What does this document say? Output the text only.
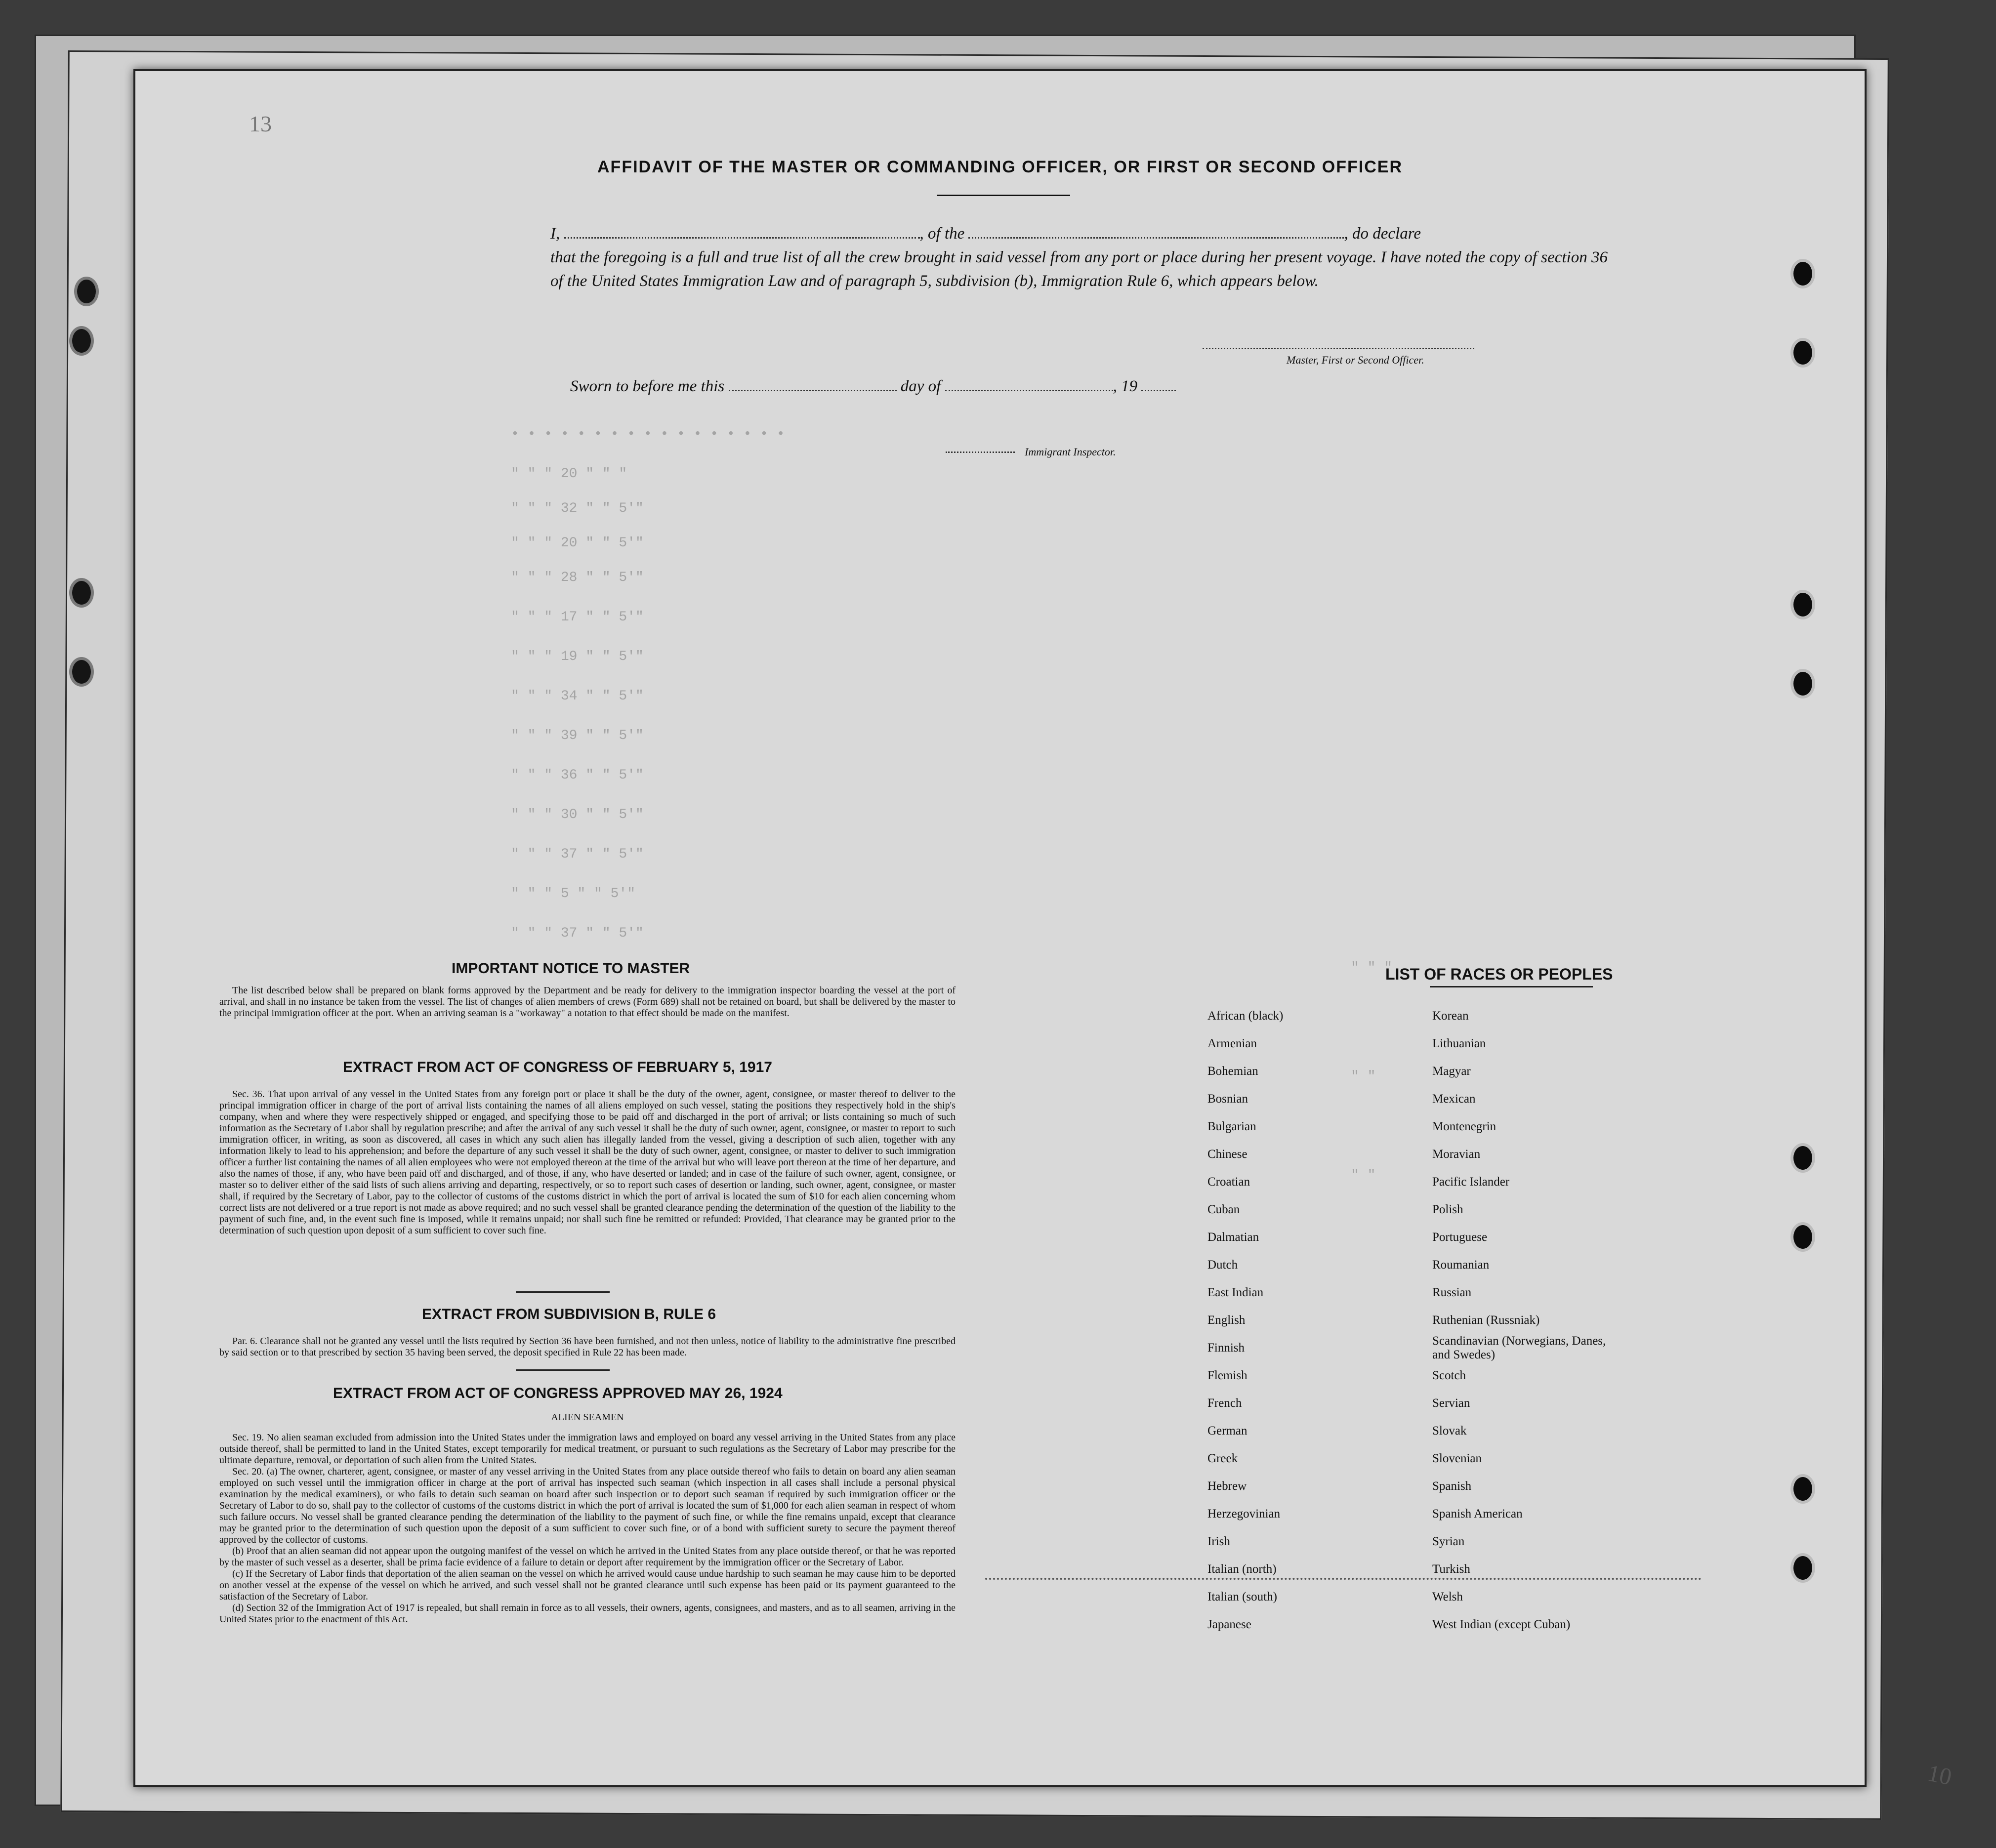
• • • • • • • • • • • • • • • • •
" " " 20 " " "
" " " 32 " " 5'"
" " " 20 " " 5'"
" " " 28 " " 5'"
" " " 17 " " 5'"
" " " 19 " " 5'"
" " " 34 " " 5'"
" " " 39 " " 5'"
" " " 36 " " 5'"
" " " 30 " " 5'"
" " " 37 " " 5'"
" " " 5 " " 5'"
" " " 37 " " 5'"
" " "
" "
" "
13
AFFIDAVIT OF THE MASTER OR COMMANDING OFFICER, OR FIRST OR SECOND OFFICER
I,	, of the	, do declare
that the foregoing is a full and true list of all the crew brought in said vessel from any port or place during her present voyage. I have noted the copy of section 36 of the United States Immigration Law and of paragraph 5, subdivision (b), Immigration Rule 6, which appears below.
Master, First or Second Officer.
Sworn to before me this	day of	, 19
Immigrant Inspector.
IMPORTANT NOTICE TO MASTER

The list described below shall be prepared on blank forms approved by the Department and be ready for delivery to the immigration inspector boarding the vessel at the port of arrival, and shall in no instance be taken from the vessel. The list of changes of alien members of crews (Form 689) shall not be retained on board, but shall be delivered by the master to the principal immigration officer at the port. When an arriving seaman is a "workaway" a notation to that effect should be made on the manifest.

EXTRACT FROM ACT OF CONGRESS OF FEBRUARY 5, 1917

Sec. 36. That upon arrival of any vessel in the United States from any foreign port or place it shall be the duty of the owner, agent, consignee, or master thereof to deliver to the principal immigration officer in charge of the port of arrival lists containing the names of all aliens employed on such vessel, stating the positions they respectively hold in the ship's company, when and where they were respectively shipped or engaged, and specifying those to be paid off and discharged in the port of arrival; or lists containing so much of such information as the Secretary of Labor shall by regulation prescribe; and after the arrival of any such vessel it shall be the duty of such owner, agent, consignee, or master to report to such immigration officer, in writing, as soon as discovered, all cases in which any such alien has illegally landed from the vessel, giving a description of such alien, together with any information likely to lead to his apprehension; and before the departure of any such vessel it shall be the duty of such owner, agent, consignee, or master to deliver to such immigration officer a further list containing the names of all alien employees who were not employed thereon at the time of the arrival but who will leave port thereon at the time of her departure, and also the names of those, if any, who have been paid off and discharged, and of those, if any, who have deserted or landed; and in case of the failure of such owner, agent, consignee, or master so to deliver either of the said lists of such aliens arriving and departing, respectively, or so to report such cases of desertion or landing, such owner, agent, consignee, or master shall, if required by the Secretary of Labor, pay to the collector of customs of the customs district in which the port of arrival is located the sum of $10 for each alien concerning whom correct lists are not delivered or a true report is not made as above required; and no such vessel shall be granted clearance pending the determination of the question of the liability to the payment of such fine, and, in the event such fine is imposed, while it remains unpaid; nor shall such fine be remitted or refunded: Provided, That clearance may be granted prior to the determination of such question upon deposit of a sum sufficient to cover such fine.

EXTRACT FROM SUBDIVISION B, RULE 6

Par. 6. Clearance shall not be granted any vessel until the lists required by Section 36 have been furnished, and not then unless, notice of liability to the administrative fine prescribed by said section or to that prescribed by section 35 having been served, the deposit specified in Rule 22 has been made.

EXTRACT FROM ACT OF CONGRESS APPROVED MAY 26, 1924

ALIEN SEAMEN

Sec. 19. No alien seaman excluded from admission into the United States under the immigration laws and employed on board any vessel arriving in the United States from any place outside thereof, shall be permitted to land in the United States, except temporarily for medical treatment, or pursuant to such regulations as the Secretary of Labor may prescribe for the ultimate departure, removal, or deportation of such alien from the United States.

Sec. 20. (a) The owner, charterer, agent, consignee, or master of any vessel arriving in the United States from any place outside thereof who fails to detain on board any alien seaman employed on such vessel until the immigration officer in charge at the port of arrival has inspected such seaman (which inspection in all cases shall include a personal physical examination by the medical examiners), or who fails to detain such seaman on board after such inspection or to deport such seaman if required by such immigration officer or the Secretary of Labor to do so, shall pay to the collector of customs of the customs district in which the port of arrival is located the sum of $1,000 for each alien seaman in respect of whom such failure occurs. No vessel shall be granted clearance pending the determination of the liability to the payment of such fine, or while the fine remains unpaid, except that clearance may be granted prior to the determination of such question upon the deposit of a sum sufficient to cover such fine, or of a bond with sufficient surety to secure the payment thereof approved by the collector of customs.

(b) Proof that an alien seaman did not appear upon the outgoing manifest of the vessel on which he arrived in the United States from any place outside thereof, or that he was reported by the master of such vessel as a deserter, shall be prima facie evidence of a failure to detain or deport after requirement by the immigration officer or the Secretary of Labor.

(c) If the Secretary of Labor finds that deportation of the alien seaman on the vessel on which he arrived would cause undue hardship to such seaman he may cause him to be deported on another vessel at the expense of the vessel on which he arrived, and such vessel shall not be granted clearance until such expense has been paid or its payment guaranteed to the satisfaction of the Secretary of Labor.

(d) Section 32 of the Immigration Act of 1917 is repealed, but shall remain in force as to all vessels, their owners, agents, consignees, and masters, and as to all seamen, arriving in the United States prior to the enactment of this Act.

LIST OF RACES OR PEOPLES
African (black)
Armenian
Bohemian
Bosnian
Bulgarian
Chinese
Croatian
Cuban
Dalmatian
Dutch
East Indian
English
Finnish
Flemish
French
German
Greek
Hebrew
Herzegovinian
Irish
Italian (north)
Italian (south)
Japanese
Korean
Lithuanian
Magyar
Mexican
Montenegrin
Moravian
Pacific Islander
Polish
Portuguese
Roumanian
Russian
Ruthenian (Russniak)
Scandinavian (Norwegians, Danes, and Swedes)
Scotch
Servian
Slovak
Slovenian
Spanish
Spanish American
Syrian
Turkish
Welsh
West Indian (except Cuban)
10
